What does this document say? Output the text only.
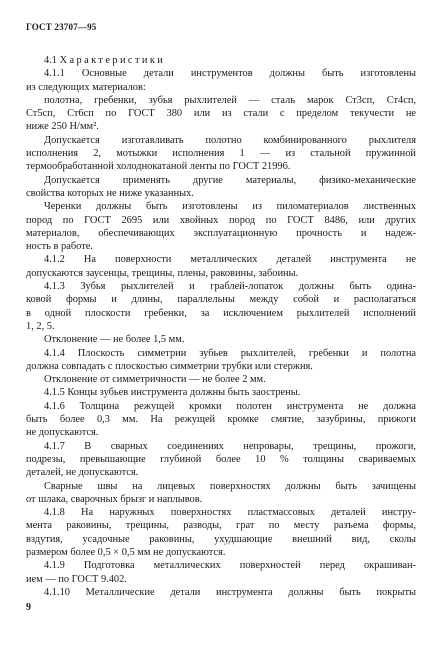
ГОСТ 23707—95
4.1 Характеристики
4.1.1 Основные детали инструментов должны быть изготовлены
из следующих материалов:
полотна, гребенки, зубья рыхлителей — сталь марок Ст3сп, Ст4сп,
Ст5сп, Ст6сп по ГОСТ 380 или из стали с пределом текучести не
ниже 250 Н/мм².
Допускается изготавливать полотно комбинированного рыхлителя
исполнения 2, мотыжки исполнения 1 — из стальной пружинной
термообработанной холоднокатаной ленты по ГОСТ 21996.
Допускается применять другие материалы, физико-механические
свойства которых не ниже указанных.
Черенки должны быть изготовлены из пиломатериалов лиственных
пород по ГОСТ 2695 или хвойных пород по ГОСТ 8486, или других
материалов, обеспечивающих эксплуатационную прочность и надеж-
ность в работе.
4.1.2 На поверхности металлических деталей инструмента не
допускаются заусенцы, трещины, плены, раковины, забоины.
4.1.3 Зубья рыхлителей и граблей-лопаток должны быть одина-
ковой формы и длины, параллельны между собой и располагаться
в одной плоскости гребенки, за исключением рыхлителей исполнений
1, 2, 5.
Отклонение — не более 1,5 мм.
4.1.4 Плоскость симметрии зубьев рыхлителей, гребенки и полотна
должна совпадать с плоскостью симметрии трубки или стержня.
Отклонение от симметричности — не более 2 мм.
4.1.5 Концы зубьев инструмента должны быть заострены.
4.1.6 Толщина режущей кромки полотен инструмента не должна
быть более 0,3 мм. На режущей кромке смятие, зазубрины, прижоги
не допускаются.
4.1.7 В сварных соединениях непровары, трещины, прожоги,
подрезы, превышающие глубиной более 10 % толщины свариваемых
деталей, не допускаются.
Сварные швы на лицевых поверхностях должны быть зачищены
от шлака, сварочных брызг и наплывов.
4.1.8 На наружных поверхностях пластмассовых деталей инстру-
мента раковины, трещины, разводы, грат по месту разъема формы,
вздутия, усадочные раковины, ухудшающие внешний вид, сколы
размером более 0,5 × 0,5 мм не допускаются.
4.1.9 Подготовка металлических поверхностей перед окрашиван-
ием — по ГОСТ 9.402.
4.1.10 Металлические детали инструмента должны быть покрыты
9
